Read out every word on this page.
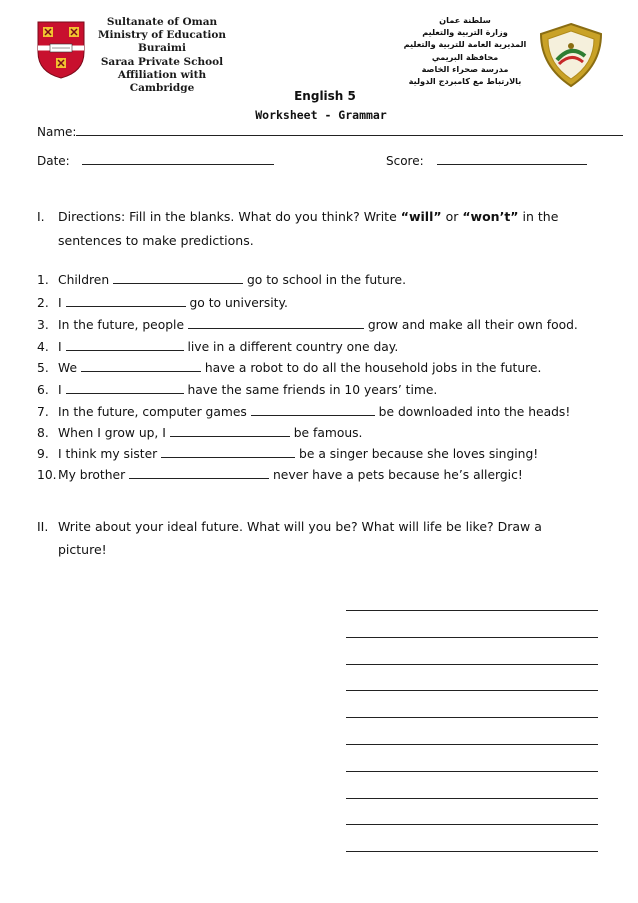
Sultanate of Oman
Ministry of Education
Buraimi
Saraa Private School
Affiliation with Cambridge
سلطنة عمان
وزارة التربية والتعليم
المديرية العامة للتربية والتعليم
محافظة البريمي
مدرسة صحراء الخاصة
بالارتباط مع كامبردج الدولية
English 5
Worksheet - Grammar
Name:
Date:	Score:
I. Directions: Fill in the blanks. What do you think? Write “will” or “won’t” in the
sentences to make predictions.
1. Children	go to school in the future.
2. I	go to university.
3. In the future, people	grow and make all their own food.
4. I	live in a different country one day.
5. We	have a robot to do all the household jobs in the future.
6. I	have the same friends in 10 years’ time.
7. In the future, computer games	be downloaded into the heads!
8. When I grow up, I	be famous.
9. I think my sister	be a singer because she loves singing!
10.My brother	never have a pets because he’s allergic!
II. Write about your ideal future. What will you be? What will life be like? Draw a
picture!
